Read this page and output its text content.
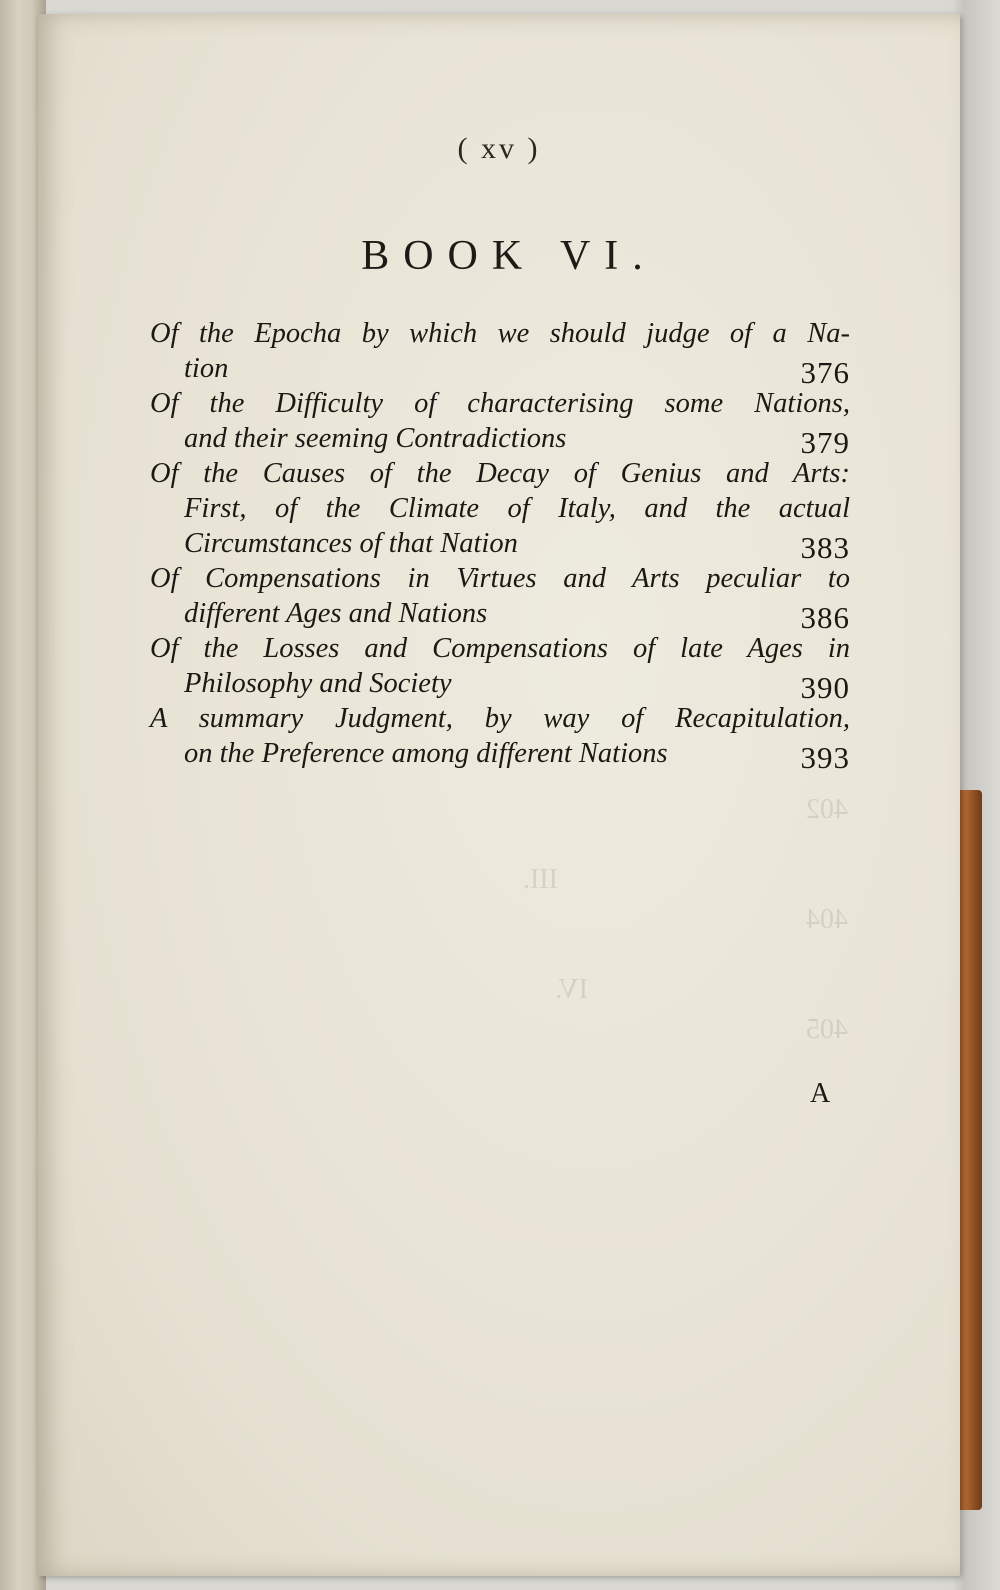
402
III.
404
IV.
405
( xv )
BOOK VI.
Of the Epocha by which we should judge of a Na-
tion	376
Of the Difficulty of characterising some Nations,
and their seeming Contradictions	379
Of the Causes of the Decay of Genius and Arts:
First, of the Climate of Italy, and the actual
Circumstances of that Nation	383
Of Compensations in Virtues and Arts peculiar to
different Ages and Nations	386
Of the Losses and Compensations of late Ages in
Philosophy and Society	390
A summary Judgment, by way of Recapitulation,
on the Preference among different Nations	393
A
